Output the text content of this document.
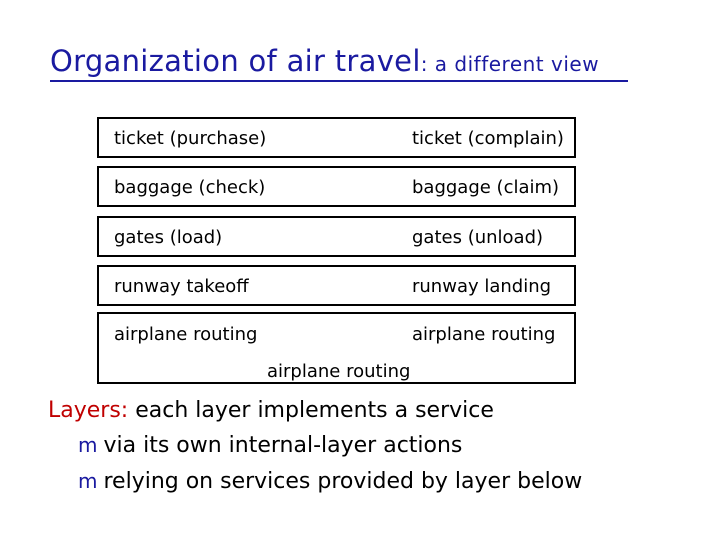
Organization of air travel: a different view
ticket (purchase)	ticket (complain)
baggage (check)	baggage (claim)
gates (load)	gates (unload)
runway takeoff	runway landing
airplane routing	airplane routing
airplane routing
Layers: each layer implements a service
m via its own internal-layer actions
m relying on services provided by layer below
